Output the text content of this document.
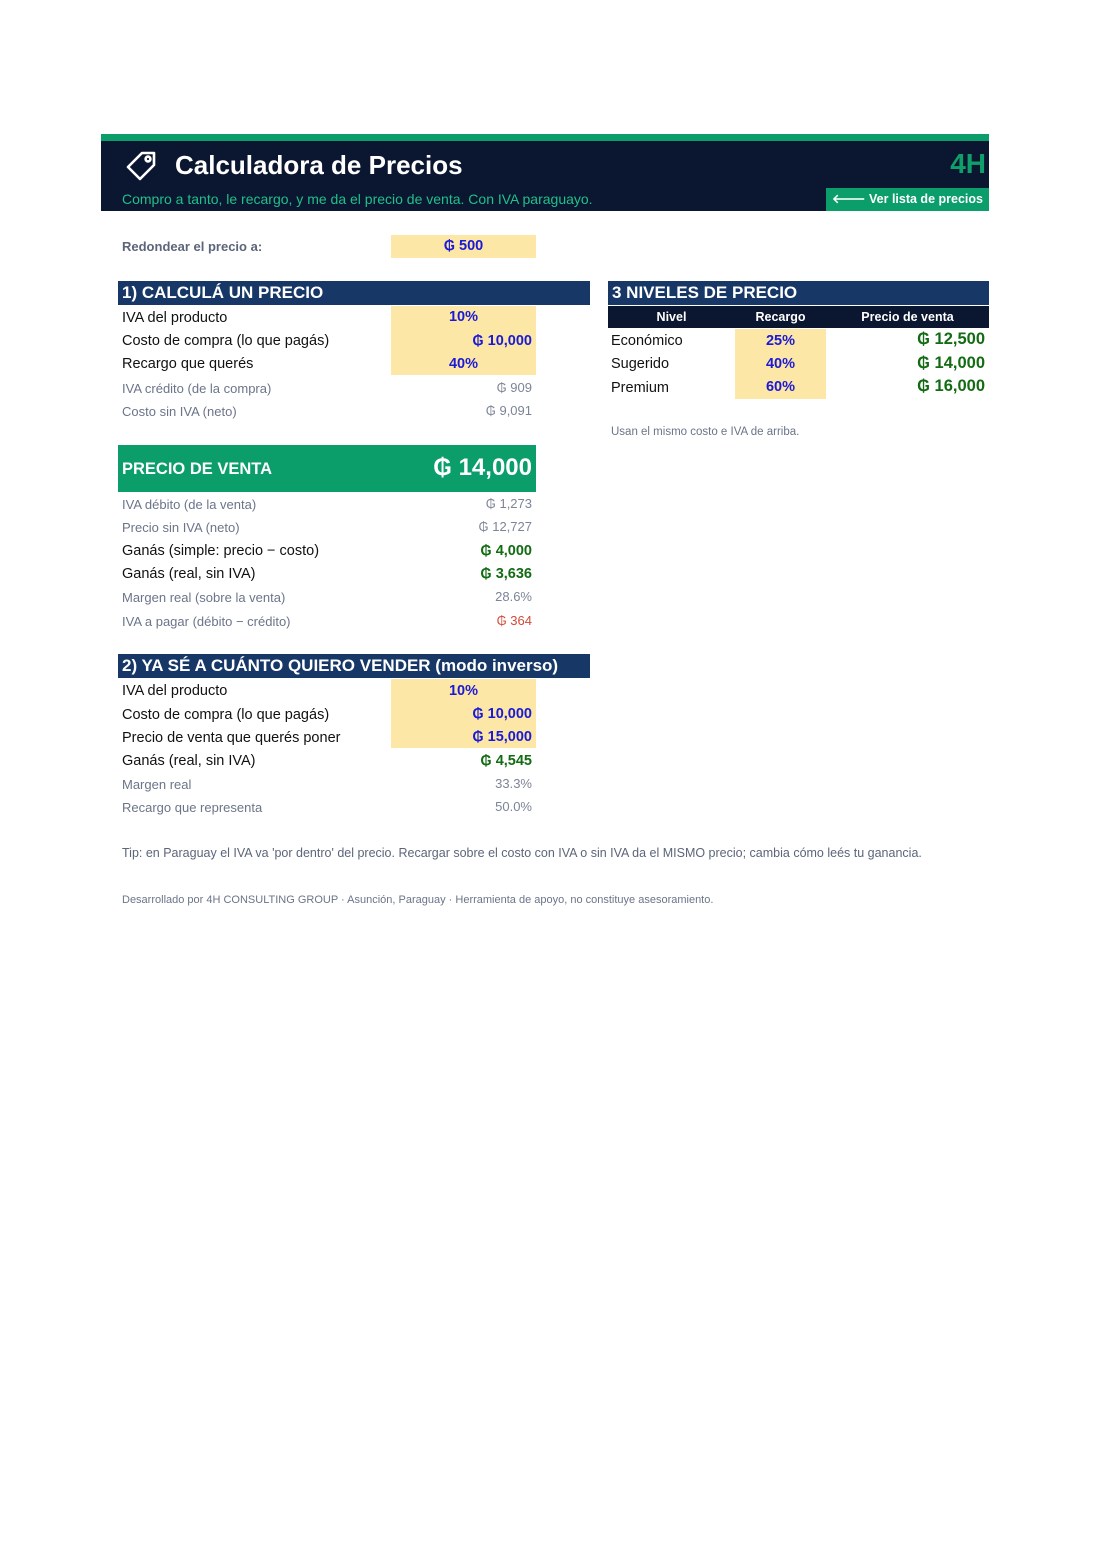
Calculadora de Precios
Compro a tanto, le recargo, y me da el precio de venta. Con IVA paraguayo.
4H
🡐 Ver lista de precios
Redondear el precio a:	₲ 500
1) CALCULÁ UN PRECIO
IVA del producto	10%
Costo de compra (lo que pagás)	₲ 10,000
Recargo que querés	40%
IVA crédito (de la compra)	₲ 909
Costo sin IVA (neto)	₲ 9,091
PRECIO DE VENTA	₲ 14,000
IVA débito (de la venta)	₲ 1,273
Precio sin IVA (neto)	₲ 12,727
Ganás (simple: precio − costo)	₲ 4,000
Ganás (real, sin IVA)	₲ 3,636
Margen real (sobre la venta)	28.6%
IVA a pagar (débito − crédito)	₲ 364
3 NIVELES DE PRECIO
Nivel	Recargo	Precio de venta
Económico	25%	₲ 12,500
Sugerido	40%	₲ 14,000
Premium	60%	₲ 16,000
Usan el mismo costo e IVA de arriba.
2) YA SÉ A CUÁNTO QUIERO VENDER (modo inverso)
IVA del producto	10%
Costo de compra (lo que pagás)	₲ 10,000
Precio de venta que querés poner	₲ 15,000
Ganás (real, sin IVA)	₲ 4,545
Margen real	33.3%
Recargo que representa	50.0%
Tip: en Paraguay el IVA va 'por dentro' del precio. Recargar sobre el costo con IVA o sin IVA da el MISMO precio; cambia cómo leés tu ganancia.
Desarrollado por 4H CONSULTING GROUP · Asunción, Paraguay · Herramienta de apoyo, no constituye asesoramiento.
